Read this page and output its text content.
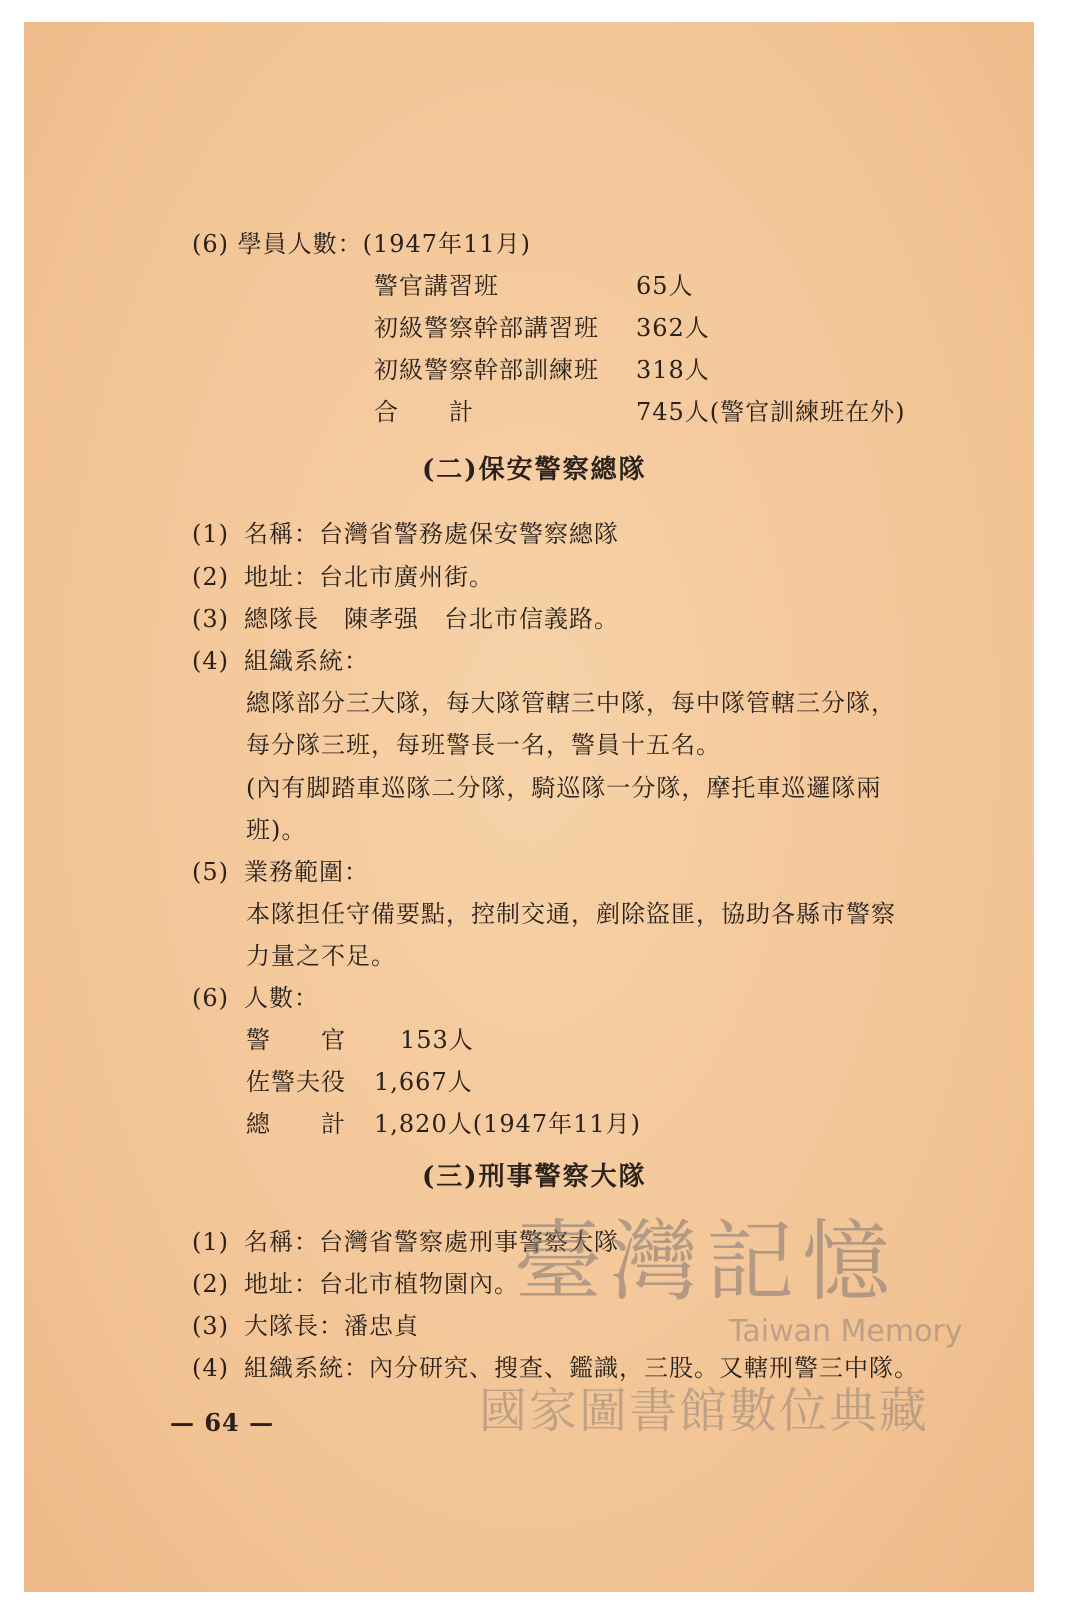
(6) 學員人數：(1947年11月)
警官講習班	65人
初級警察幹部講習班 362人
初級警察幹部訓練班 318人
合　　計	745人(警官訓練班在外)
(二)保安警察總隊
(1) 名稱：台灣省警務處保安警察總隊
(2) 地址：台北市廣州街。
(3) 總隊長　陳孝强　台北市信義路。
(4) 組織系統：
總隊部分三大隊，每大隊管轄三中隊，每中隊管轄三分隊，
每分隊三班，每班警長一名，警員十五名。
(內有脚踏車巡隊二分隊，騎巡隊一分隊，摩托車巡邏隊兩
班)。
(5) 業務範圍：
本隊担任守備要點，控制交通，剷除盜匪，協助各縣市警察
力量之不足。
(6) 人數：
警　　官 153人
佐警夫役 1,667人
總　　計 1,820人(1947年11月)
(三)刑事警察大隊
(1) 名稱：台灣省警察處刑事警察大隊
(2) 地址：台北市植物園內。
(3) 大隊長：潘忠貞
(4) 組織系統：內分研究、搜查、鑑識，三股。又轄刑警三中隊。
— 64 —
臺灣記憶
Taiwan Memory
國家圖書館數位典藏
